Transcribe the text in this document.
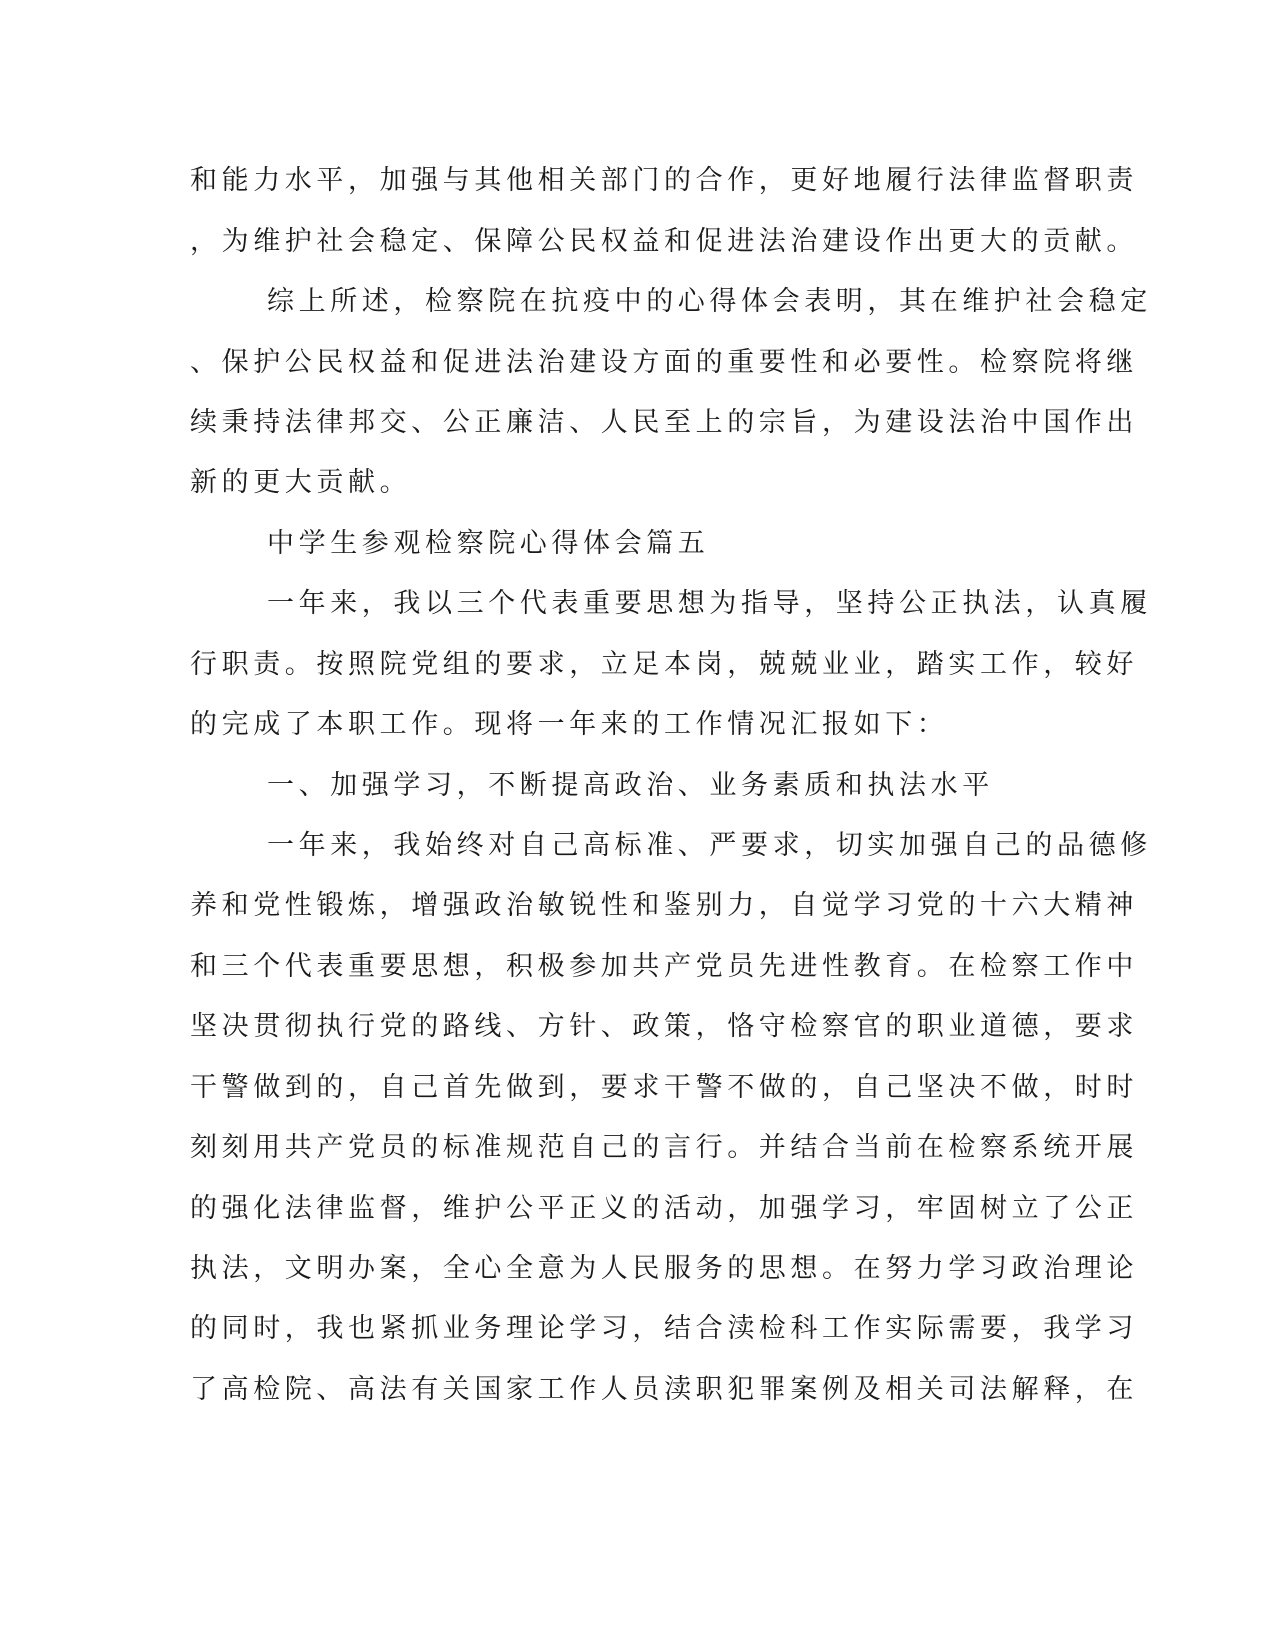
和能力水平，加强与其他相关部门的合作，更好地履行法律监督职责
，为维护社会稳定、保障公民权益和促进法治建设作出更大的贡献。
综上所述，检察院在抗疫中的心得体会表明，其在维护社会稳定
、保护公民权益和促进法治建设方面的重要性和必要性。检察院将继
续秉持法律邦交、公正廉洁、人民至上的宗旨，为建设法治中国作出
新的更大贡献。
中学生参观检察院心得体会篇五
一年来，我以三个代表重要思想为指导，坚持公正执法，认真履
行职责。按照院党组的要求，立足本岗，兢兢业业，踏实工作，较好
的完成了本职工作。现将一年来的工作情况汇报如下：
一、加强学习，不断提高政治、业务素质和执法水平
一年来，我始终对自己高标准、严要求，切实加强自己的品德修
养和党性锻炼，增强政治敏锐性和鉴别力，自觉学习党的十六大精神
和三个代表重要思想，积极参加共产党员先进性教育。在检察工作中
坚决贯彻执行党的路线、方针、政策，恪守检察官的职业道德，要求
干警做到的，自己首先做到，要求干警不做的，自己坚决不做，时时
刻刻用共产党员的标准规范自己的言行。并结合当前在检察系统开展
的强化法律监督，维护公平正义的活动，加强学习，牢固树立了公正
执法，文明办案，全心全意为人民服务的思想。在努力学习政治理论
的同时，我也紧抓业务理论学习，结合渎检科工作实际需要，我学习
了高检院、高法有关国家工作人员渎职犯罪案例及相关司法解释，在
